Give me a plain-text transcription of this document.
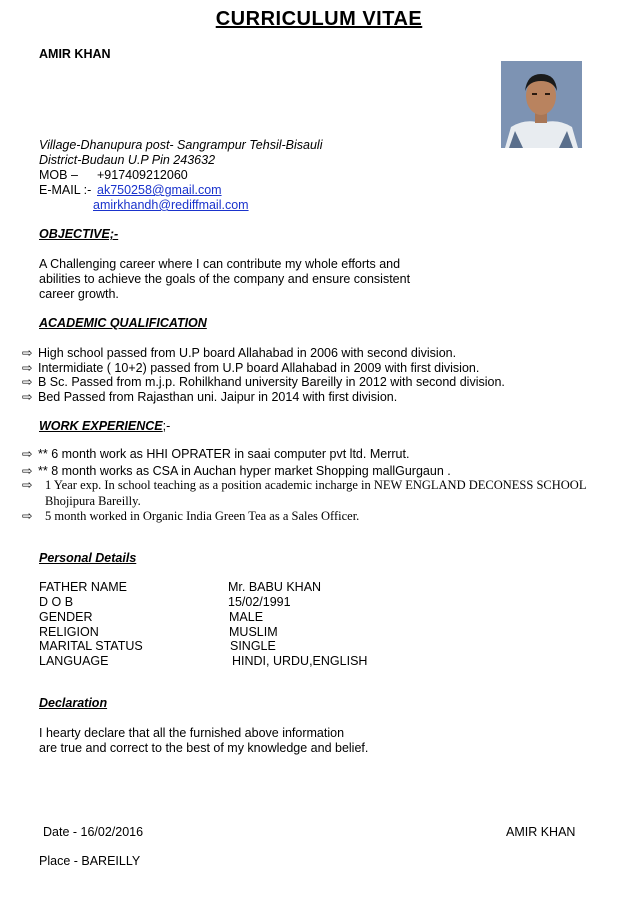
CURRICULUM VITAE
AMIR KHAN
Village-Dhanupura post- Sangrampur Tehsil-Bisauli
District-Budaun U.P Pin 243632
MOB – +917409212060
E-MAIL :- ak750258@gmail.com
amirkhandh@rediffmail.com
OBJECTIVE;-
A Challenging career where I can contribute my whole efforts and
abilities to achieve the goals of the company and ensure consistent
career growth.
ACADEMIC QUALIFICATION
⇨ High school passed from U.P board Allahabad in 2006 with second division.
⇨ Intermidiate ( 10+2) passed from U.P board Allahabad in 2009 with first division.
⇨ B Sc. Passed from m.j.p. Rohilkhand university Bareilly in 2012 with second division.
⇨ Bed Passed from Rajasthan uni. Jaipur in 2014 with first division.
WORK EXPERIENCE;-
⇨ ** 6 month work as HHI OPRATER in saai computer pvt ltd. Merrut.
⇨ ** 8 month works as CSA in Auchan hyper market Shopping mallGurgaun .
⇨ 1 Year exp. In school teaching as a position academic incharge in NEW ENGLAND DECONESS SCHOOL
Bhojipura Bareilly.
⇨ 5 month worked in Organic India Green Tea as a Sales Officer.
Personal Details
FATHER NAME	Mr. BABU KHAN
D O B	15/02/1991
GENDER	MALE
RELIGION	MUSLIM
MARITAL STATUS	SINGLE
LANGUAGE	HINDI, URDU,ENGLISH
Declaration
I hearty declare that all the furnished above information
are true and correct to the best of my knowledge and belief.
Date - 16/02/2016	AMIR KHAN
Place - BAREILLY
